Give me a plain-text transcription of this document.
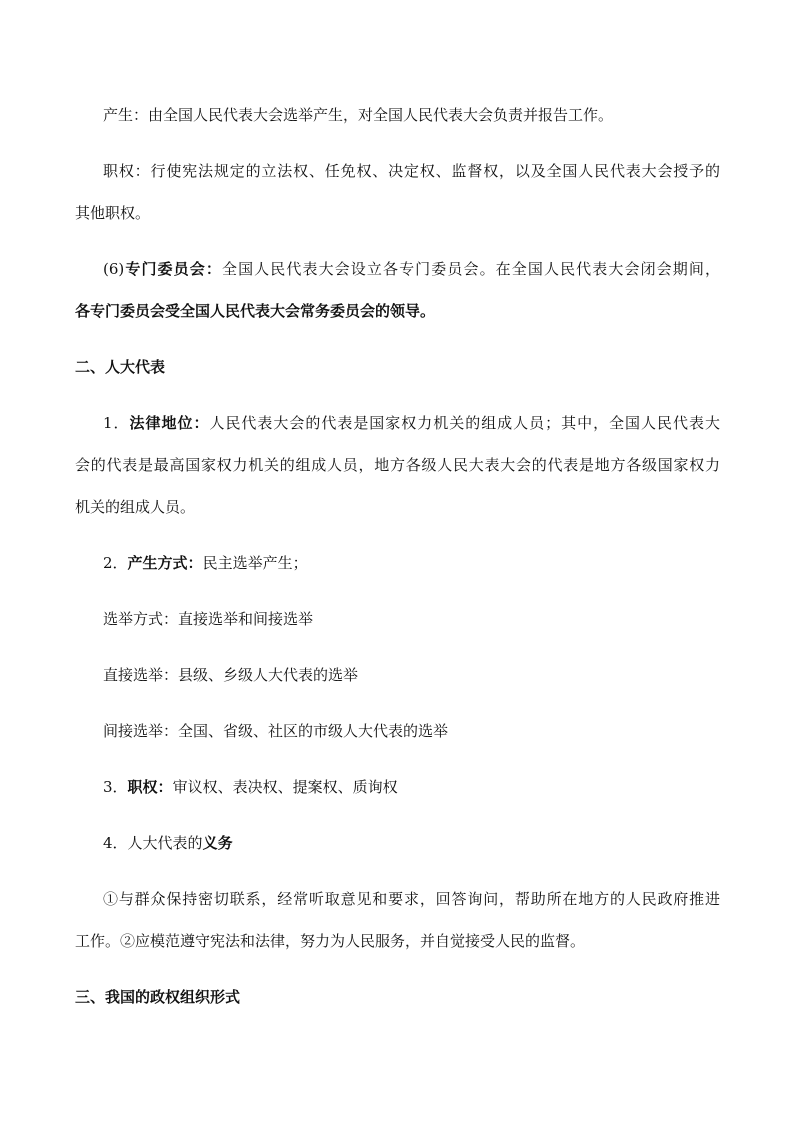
产生：由全国人民代表大会选举产生，对全国人民代表大会负责并报告工作。
职权：行使宪法规定的立法权、任免权、决定权、监督权，以及全国人民代表大会授予的
其他职权。
(6)专门委员会：全国人民代表大会设立各专门委员会。在全国人民代表大会闭会期间，
各专门委员会受全国人民代表大会常务委员会的领导。
二、人大代表
1．法律地位：人民代表大会的代表是国家权力机关的组成人员；其中，全国人民代表大
会的代表是最高国家权力机关的组成人员，地方各级人民大表大会的代表是地方各级国家权力
机关的组成人员。
2．产生方式：民主选举产生；
选举方式：直接选举和间接选举
直接选举：县级、乡级人大代表的选举
间接选举：全国、省级、社区的市级人大代表的选举
3．职权：审议权、表决权、提案权、质询权
4．人大代表的义务
①与群众保持密切联系，经常听取意见和要求，回答询问，帮助所在地方的人民政府推进
工作。②应模范遵守宪法和法律，努力为人民服务，并自觉接受人民的监督。
三、我国的政权组织形式
